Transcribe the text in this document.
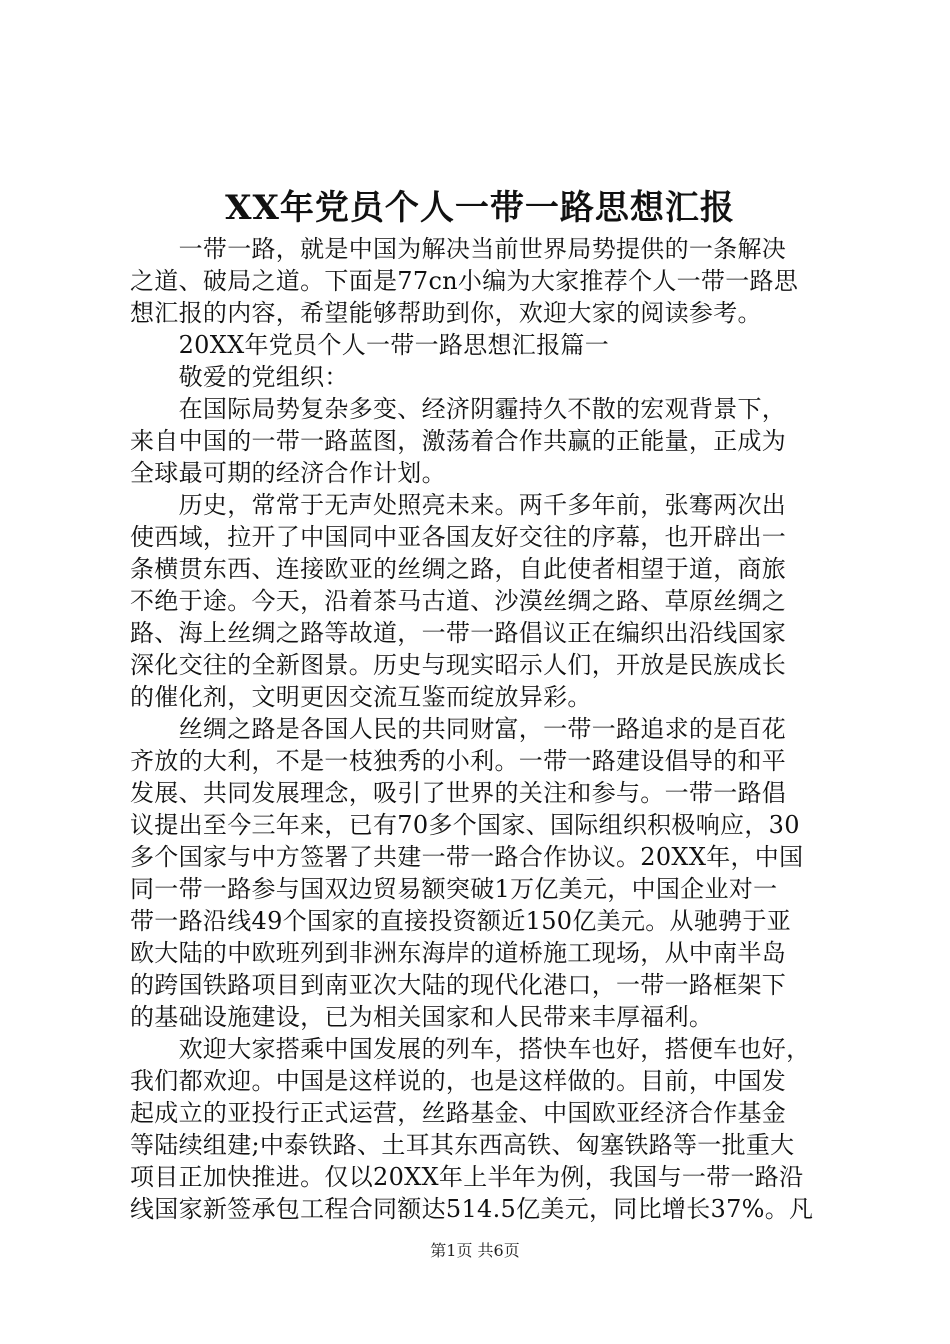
XX年党员个人一带一路思想汇报
　　一带一路，就是中国为解决当前世界局势提供的一条解决
之道、破局之道。下面是77cn小编为大家推荐个人一带一路思
想汇报的内容，希望能够帮助到你，欢迎大家的阅读参考。
　　20XX年党员个人一带一路思想汇报篇一
　　敬爱的党组织：
　　在国际局势复杂多变、经济阴霾持久不散的宏观背景下，
来自中国的一带一路蓝图，激荡着合作共赢的正能量，正成为
全球最可期的经济合作计划。
　　历史，常常于无声处照亮未来。两千多年前，张骞两次出
使西域，拉开了中国同中亚各国友好交往的序幕，也开辟出一
条横贯东西、连接欧亚的丝绸之路，自此使者相望于道，商旅
不绝于途。今天，沿着茶马古道、沙漠丝绸之路、草原丝绸之
路、海上丝绸之路等故道，一带一路倡议正在编织出沿线国家
深化交往的全新图景。历史与现实昭示人们，开放是民族成长
的催化剂，文明更因交流互鉴而绽放异彩。
　　丝绸之路是各国人民的共同财富，一带一路追求的是百花
齐放的大利，不是一枝独秀的小利。一带一路建设倡导的和平
发展、共同发展理念，吸引了世界的关注和参与。一带一路倡
议提出至今三年来，已有70多个国家、国际组织积极响应，30
多个国家与中方签署了共建一带一路合作协议。20XX年，中国
同一带一路参与国双边贸易额突破1万亿美元，中国企业对一
带一路沿线49个国家的直接投资额近150亿美元。从驰骋于亚
欧大陆的中欧班列到非洲东海岸的道桥施工现场，从中南半岛
的跨国铁路项目到南亚次大陆的现代化港口，一带一路框架下
的基础设施建设，已为相关国家和人民带来丰厚福利。
　　欢迎大家搭乘中国发展的列车，搭快车也好，搭便车也好，
我们都欢迎。中国是这样说的，也是这样做的。目前，中国发
起成立的亚投行正式运营，丝路基金、中国欧亚经济合作基金
等陆续组建;中泰铁路、土耳其东西高铁、匈塞铁路等一批重大
项目正加快推进。仅以20XX年上半年为例，我国与一带一路沿
线国家新签承包工程合同额达514.5亿美元，同比增长37%。凡
第1页 共6页
